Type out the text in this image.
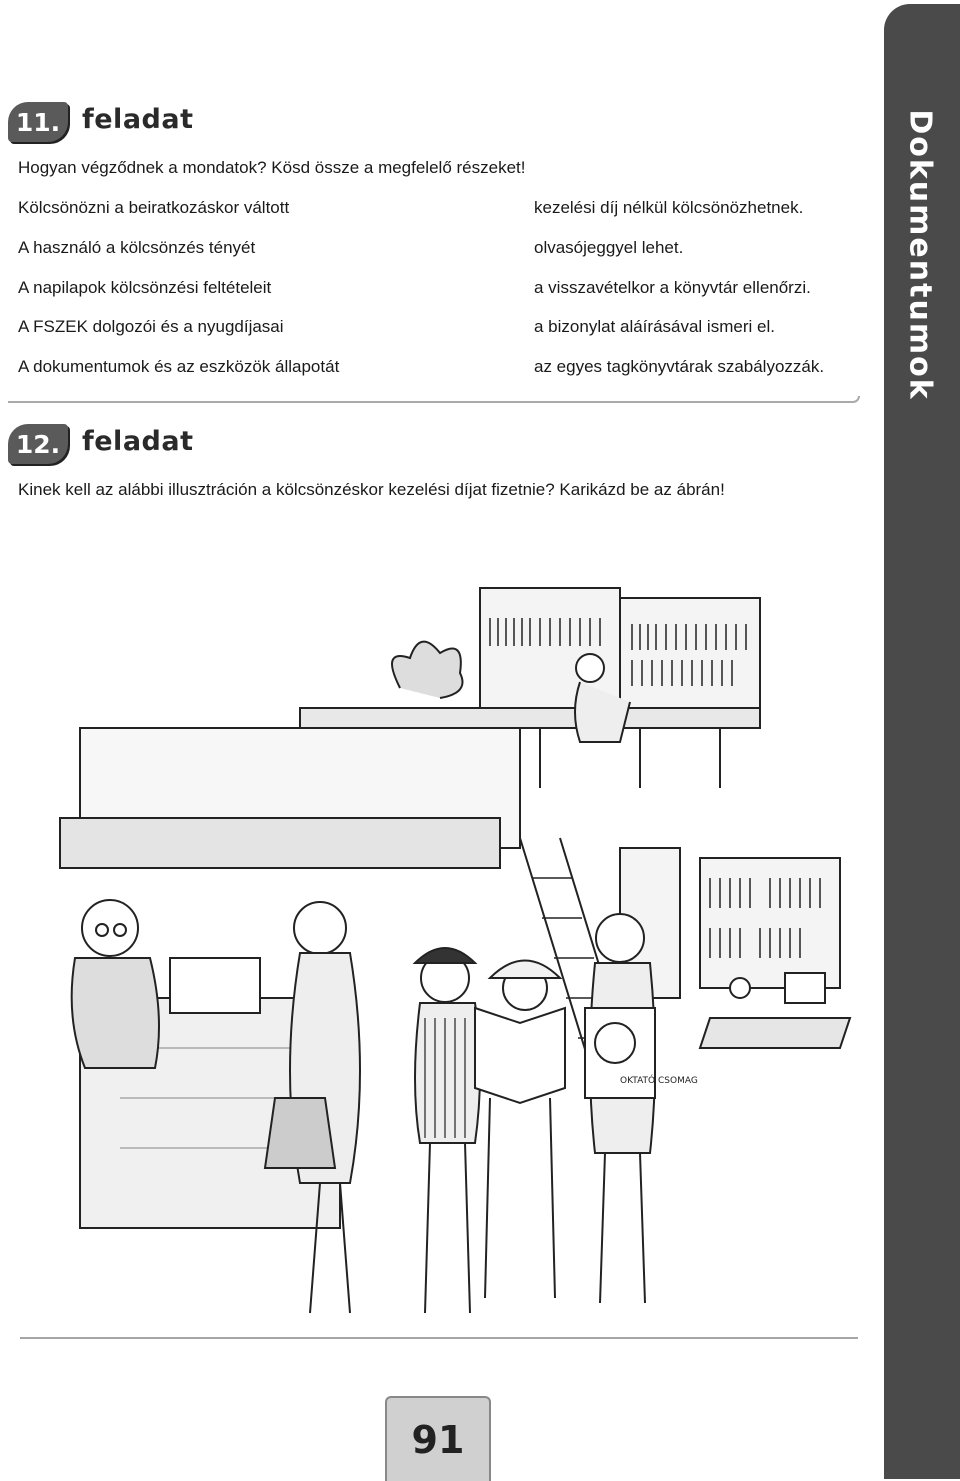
Dokumentumok
11. feladat
Hogyan végződnek a mondatok? Kösd össze a megfelelő részeket!
Kölcsönözni a beiratkozáskor váltott
A használó a kölcsönzés tényét
A napilapok kölcsönzési feltételeit
A FSZEK dolgozói és a nyugdíjasai
A dokumentumok és az eszközök állapotát
kezelési díj nélkül kölcsönözhetnek.
olvasójeggyel lehet.
a visszavételkor a könyvtár ellenőrzi.
a bizonylat aláírásával ismeri el.
az egyes tagkönyvtárak szabályozzák.
12. feladat
Kinek kell az alábbi illusztráción a kölcsönzéskor kezelési díjat fizetnie? Karikázd be az ábrán!
OKTATÓ CSOMAG
91
